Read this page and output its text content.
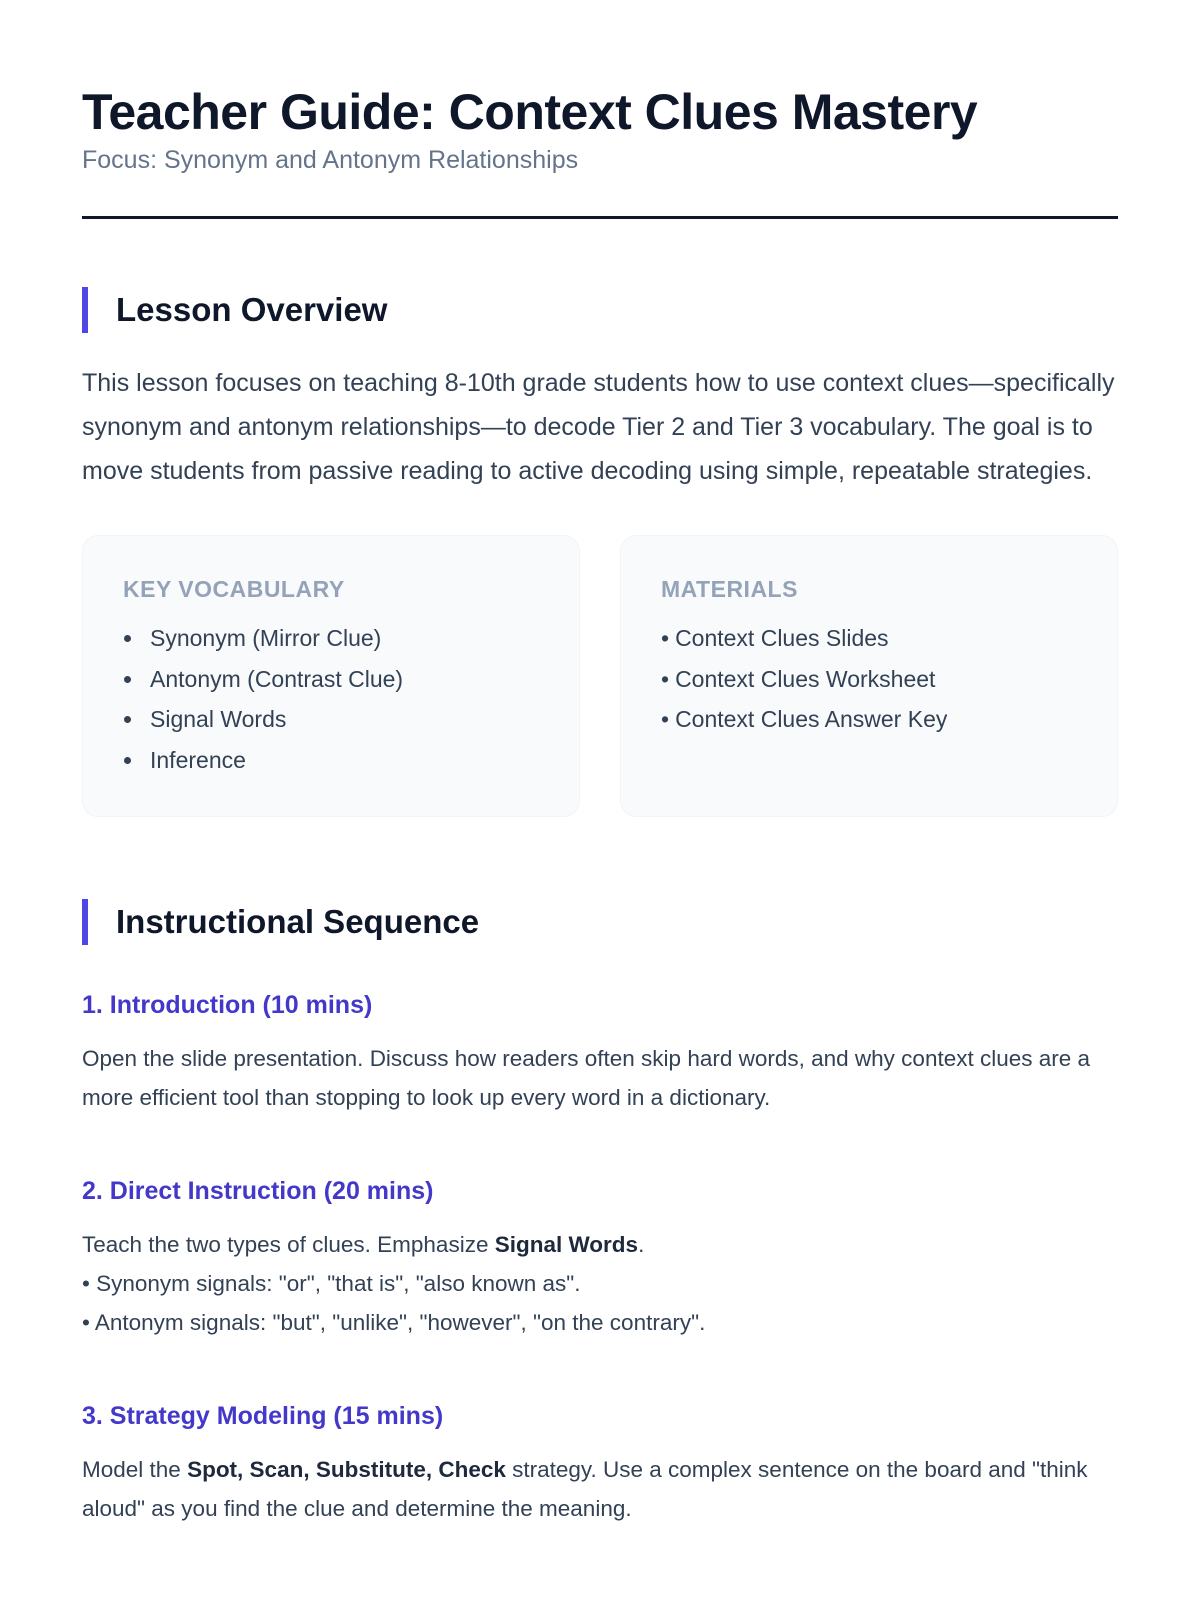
Teacher Guide: Context Clues Mastery

Focus: Synonym and Antonym Relationships

Lesson Overview

This lesson focuses on teaching 8-10th grade students how to use context clues—specifically synonym and antonym relationships—to decode Tier 2 and Tier 3 vocabulary. The goal is to move students from passive reading to active decoding using simple, repeatable strategies.

KEY VOCABULARY
Synonym (Mirror Clue)
Antonym (Contrast Clue)
Signal Words
Inference
MATERIALS
• Context Clues Slides
• Context Clues Worksheet
• Context Clues Answer Key
Instructional Sequence
1. Introduction (10 mins)

Open the slide presentation. Discuss how readers often skip hard words, and why context clues are a more efficient tool than stopping to look up every word in a dictionary.

2. Direct Instruction (20 mins)

Teach the two types of clues. Emphasize Signal Words.
• Synonym signals: "or", "that is", "also known as".
• Antonym signals: "but", "unlike", "however", "on the contrary".

3. Strategy Modeling (15 mins)

Model the Spot, Scan, Substitute, Check strategy. Use a complex sentence on the board and "think aloud" as you find the clue and determine the meaning.
